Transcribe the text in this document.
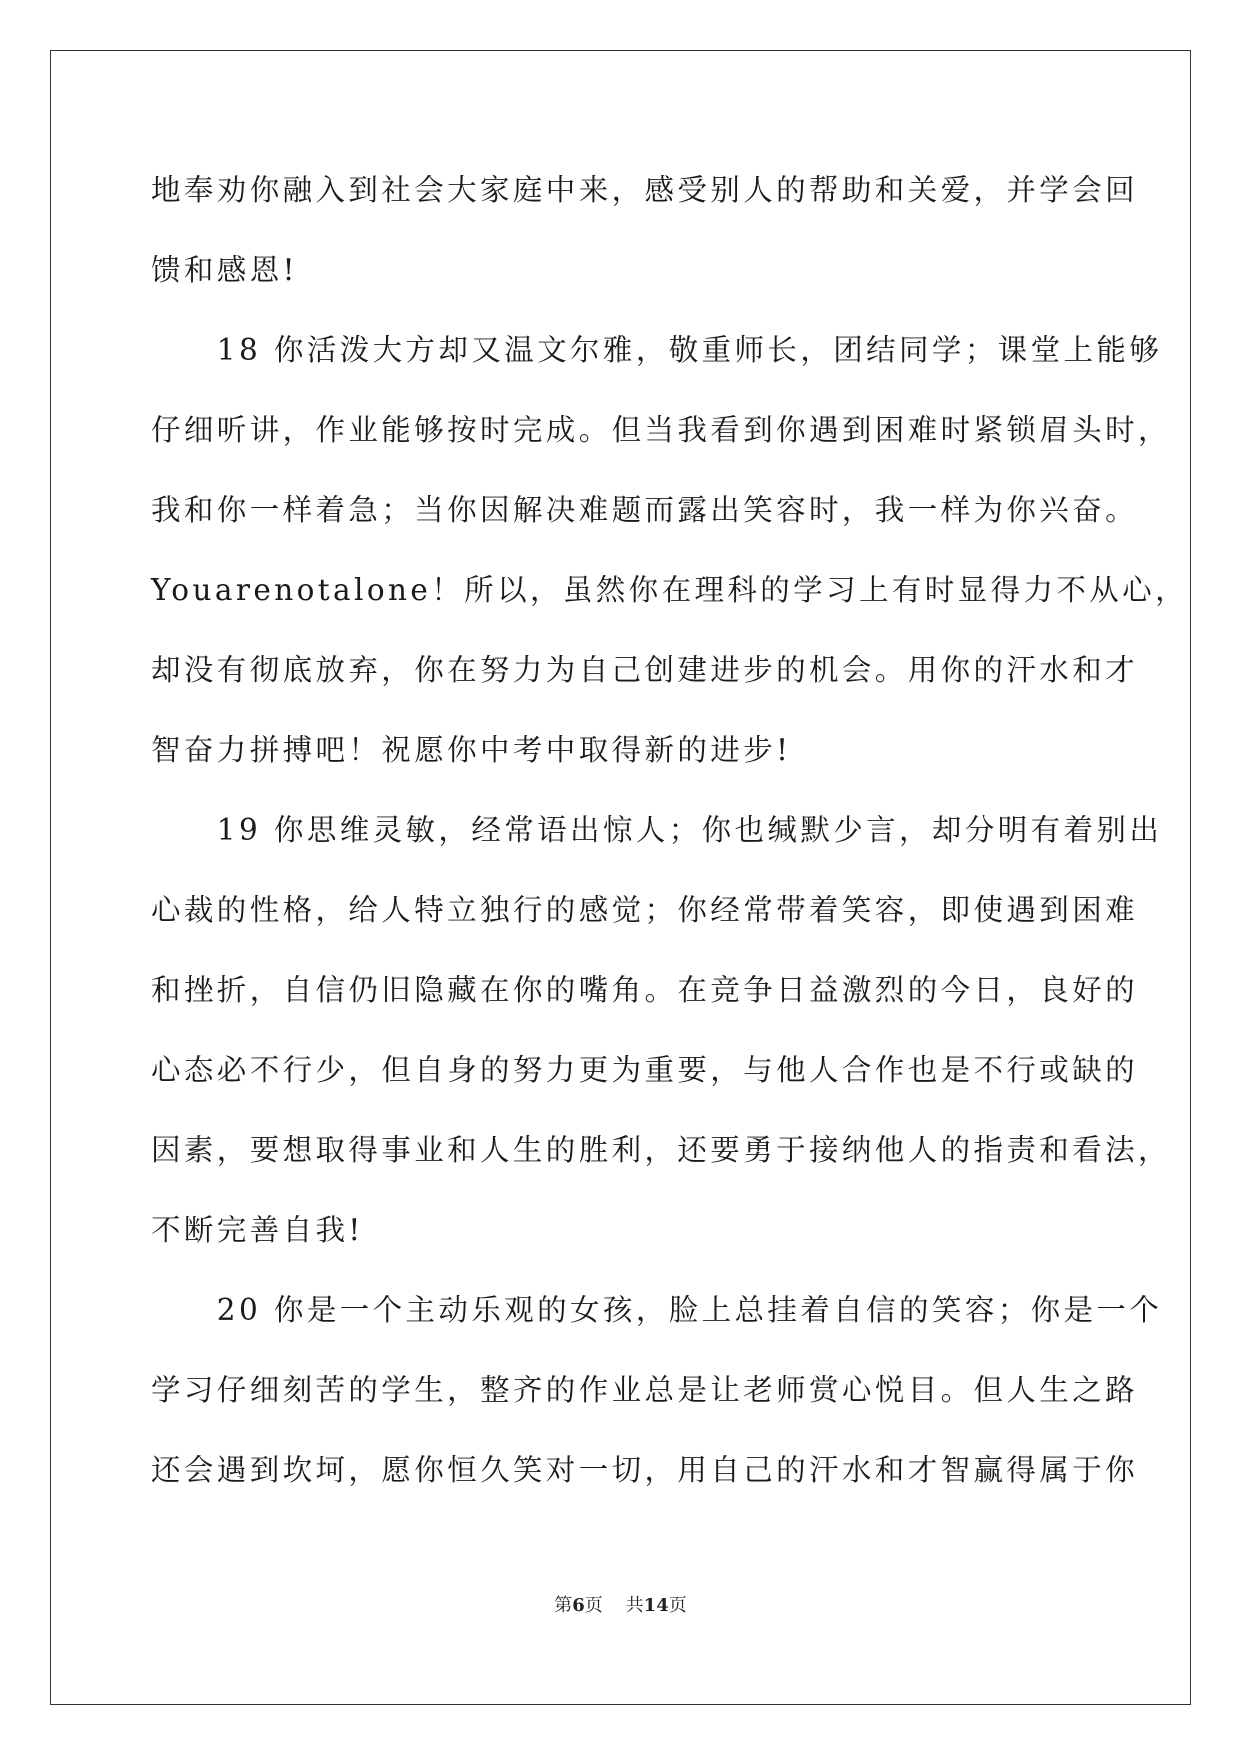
地奉劝你融入到社会大家庭中来，感受别人的帮助和关爱，并学会回

馈和感恩!

　　18 你活泼大方却又温文尔雅，敬重师长，团结同学；课堂上能够

仔细听讲，作业能够按时完成。但当我看到你遇到困难时紧锁眉头时，

我和你一样着急；当你因解决难题而露出笑容时，我一样为你兴奋。

Youarenotalone！所以，虽然你在理科的学习上有时显得力不从心，

却没有彻底放弃，你在努力为自己创建进步的机会。用你的汗水和才

智奋力拼搏吧！祝愿你中考中取得新的进步!

　　19 你思维灵敏，经常语出惊人；你也缄默少言，却分明有着别出

心裁的性格，给人特立独行的感觉；你经常带着笑容，即使遇到困难

和挫折，自信仍旧隐藏在你的嘴角。在竞争日益激烈的今日，良好的

心态必不行少，但自身的努力更为重要，与他人合作也是不行或缺的

因素，要想取得事业和人生的胜利，还要勇于接纳他人的指责和看法，

不断完善自我!

　　20 你是一个主动乐观的女孩，脸上总挂着自信的笑容；你是一个

学习仔细刻苦的学生，整齐的作业总是让老师赏心悦目。但人生之路

还会遇到坎坷，愿你恒久笑对一切，用自己的汗水和才智赢得属于你

第6页 共14页
